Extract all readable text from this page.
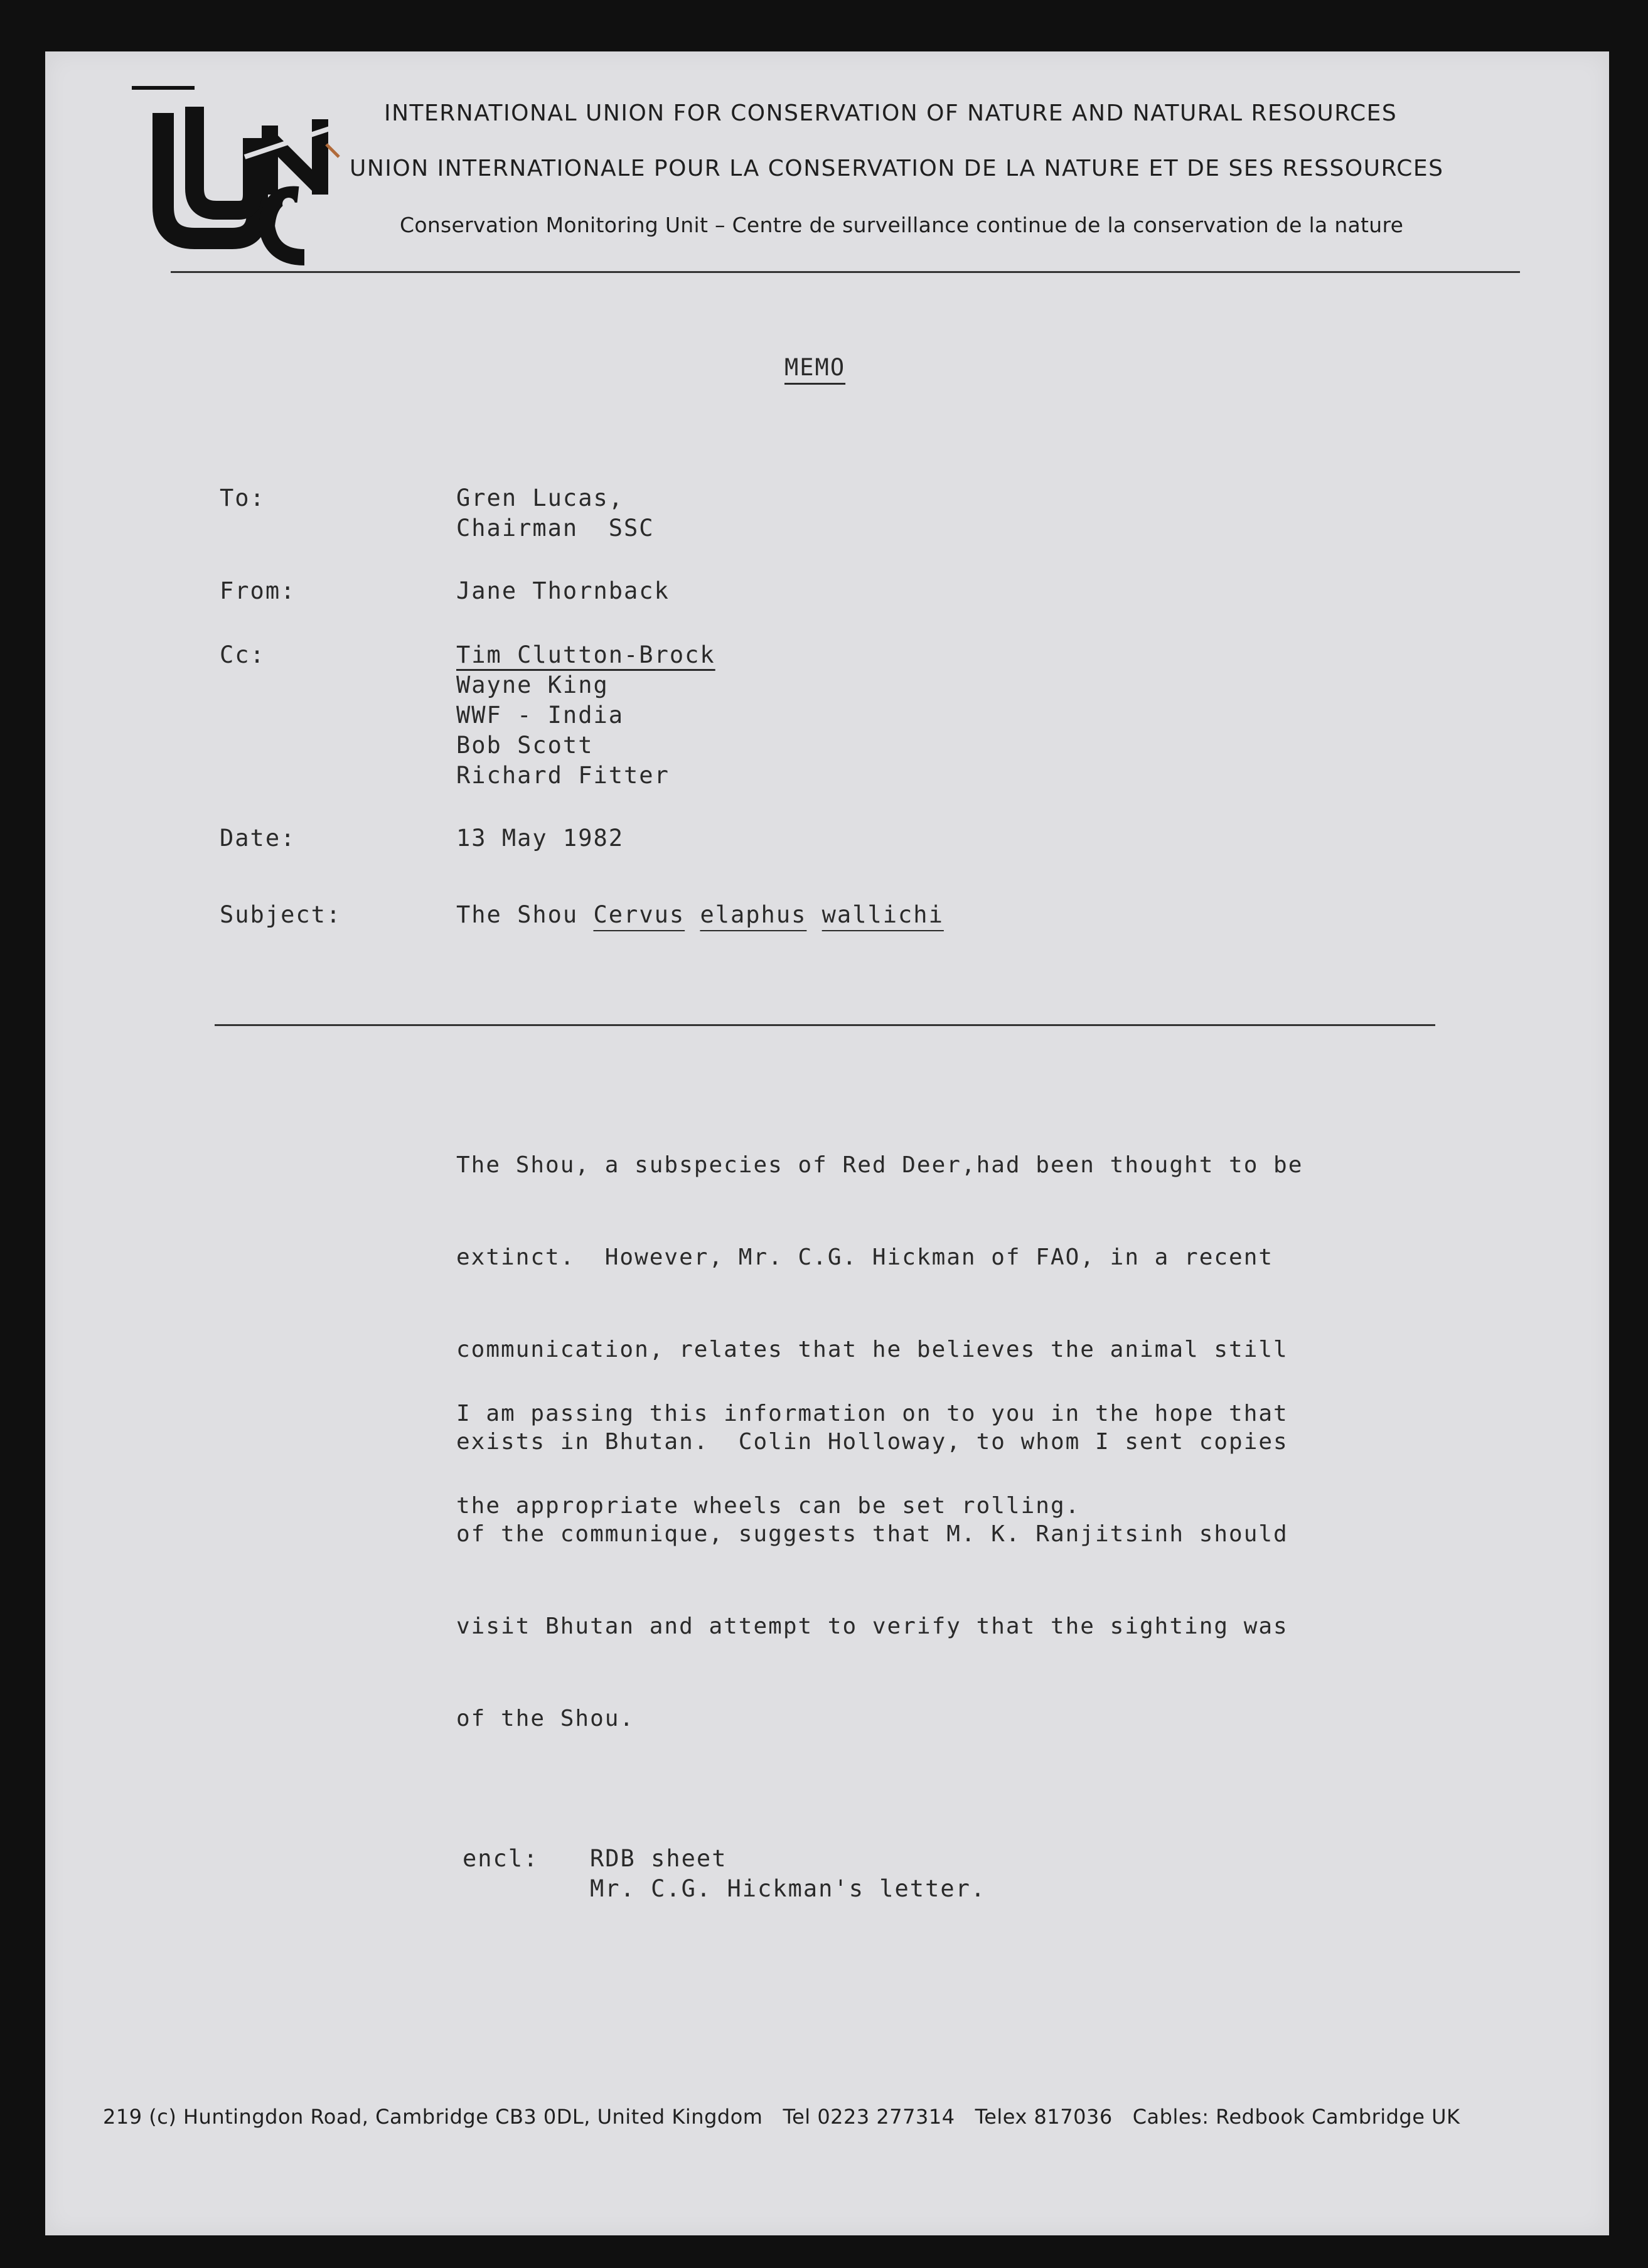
INTERNATIONAL UNION FOR CONSERVATION OF NATURE AND NATURAL RESOURCES
UNION INTERNATIONALE POUR LA CONSERVATION DE LA NATURE ET DE SES RESSOURCES
Conservation Monitoring Unit – Centre de surveillance continue de la conservation de la nature
MEMO
To:	Gren Lucas,
Chairman  SSC
From:	Jane Thornback
Cc:	Tim Clutton-Brock
Wayne King
WWF - India
Bob Scott
Richard Fitter
Date:	13 May 1982
Subject:	The Shou Cervus elaphus wallichi

The Shou, a subspecies of Red Deer,had been thought to be

extinct.  However, Mr. C.G. Hickman of FAO, in a recent

communication, relates that he believes the animal still

exists in Bhutan.  Colin Holloway, to whom I sent copies

of the communique, suggests that M. K. Ranjitsinh should

visit Bhutan and attempt to verify that the sighting was

of the Shou.

I am passing this information on to you in the hope that

the appropriate wheels can be set rolling.

encl: RDB sheet
Mr. C.G. Hickman's letter.
219 (c) Huntingdon Road, Cambridge CB3 0DL, United Kingdom   Tel 0223 277314   Telex 817036   Cables: Redbook Cambridge UK
